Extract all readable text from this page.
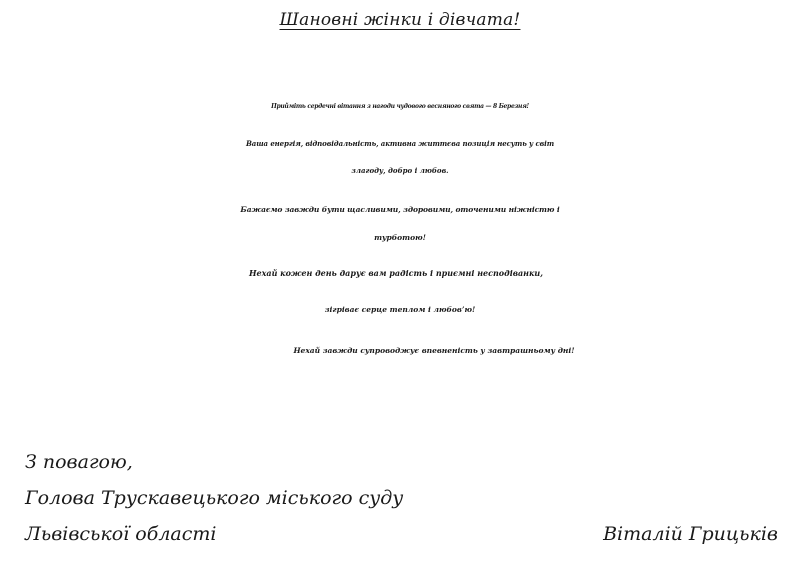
Шановні жінки і дівчата!
Прийміть сердечні вітання з нагоди чудового весняного свята — 8 Березня!
Ваша енергія, відповідальність, активна життєва позиція несуть у світ
злагоду, добро і любов.
Бажаємо завжди бути щасливими, здоровими, оточеними ніжністю і
турботою!
Нехай кожен день дарує вам радість і приємні несподіванки,
зігріває серце теплом і любов’ю!
Нехай завжди супроводжує впевненість у завтрашньому дні!
З повагою,
Голова Трускавецького міського суду
Львівської області	Віталій Грицьків
